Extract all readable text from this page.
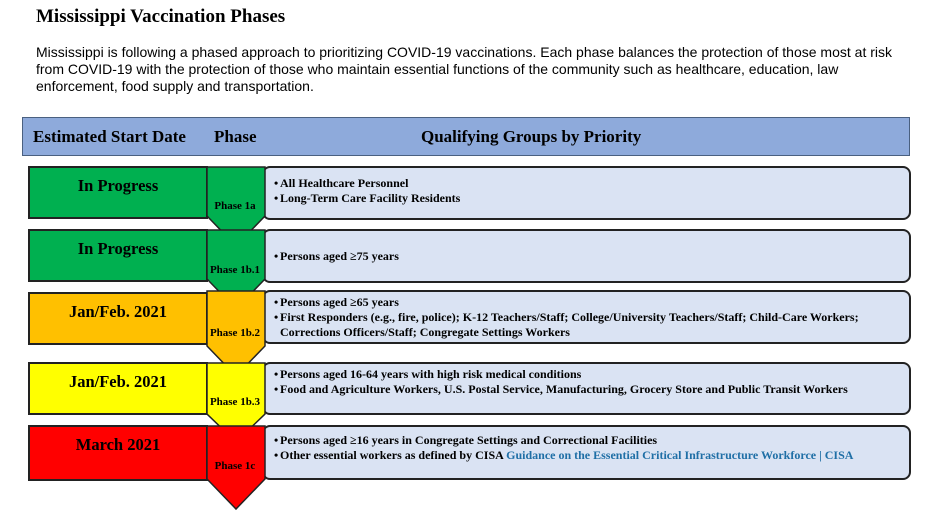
Mississippi Vaccination Phases
Mississippi is following a phased approach to prioritizing COVID-19 vaccinations. Each phase balances the protection of those most at risk from COVID-19 with the protection of those who maintain essential functions of the community such as healthcare, education, law enforcement, food supply and transportation.
Estimated Start Date Phase	Qualifying Groups by Priority
• All Healthcare Personnel
• Long-Term Care Facility Residents
In Progress
Phase 1a
• Persons aged ≥75 years
In Progress
Phase 1b.1
• Persons aged ≥65 years
• First Responders (e.g., fire, police); K-12 Teachers/Staff; College/University Teachers/Staff; Child-Care Workers; Corrections Officers/Staff; Congregate Settings Workers
Jan/Feb. 2021
Phase 1b.2
• Persons aged 16-64 years with high risk medical conditions
• Food and Agriculture Workers, U.S. Postal Service, Manufacturing, Grocery Store and Public Transit Workers
Jan/Feb. 2021
Phase 1b.3
• Persons aged ≥16 years in Congregate Settings and Correctional Facilities
• Other essential workers as defined by CISA Guidance on the Essential Critical Infrastructure Workforce | CISA
March 2021
Phase 1c
